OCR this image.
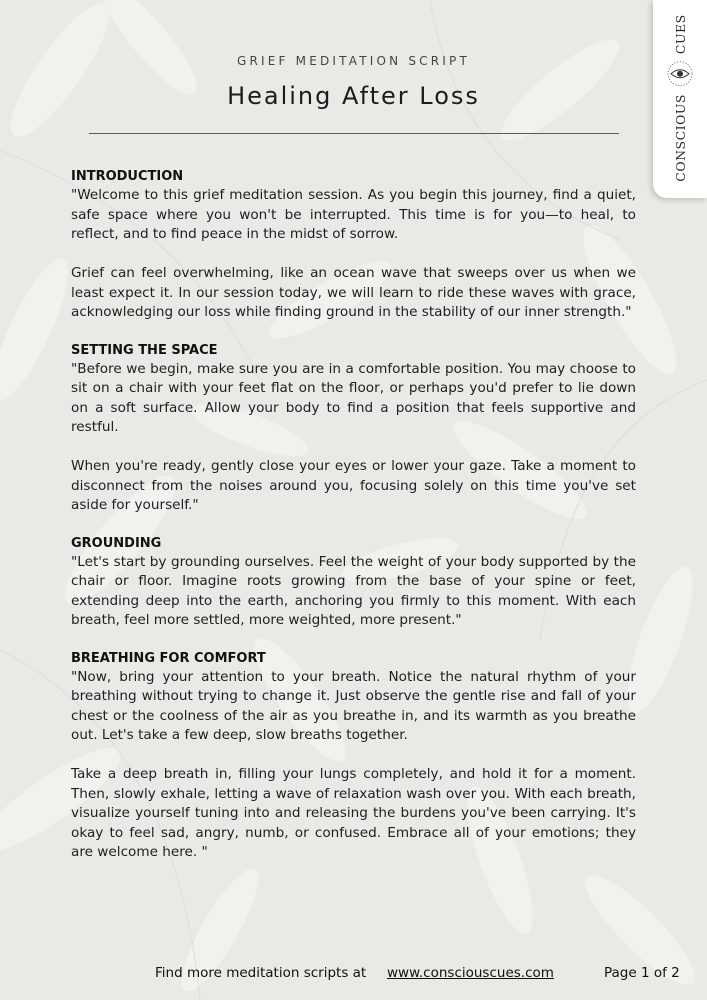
CONSCIOUS
CUES
GRIEF MEDITATION SCRIPT
Healing After Loss

INTRODUCTION

"Welcome to this grief meditation session. As you begin this journey, find a quiet, safe space where you won't be interrupted. This time is for you—to heal, to reflect, and to find peace in the midst of sorrow.

Grief can feel overwhelming, like an ocean wave that sweeps over us when we least expect it. In our session today, we will learn to ride these waves with grace, acknowledging our loss while finding ground in the stability of our inner strength."

SETTING THE SPACE

"Before we begin, make sure you are in a comfortable position. You may choose to sit on a chair with your feet flat on the floor, or perhaps you'd prefer to lie down on a soft surface. Allow your body to find a position that feels supportive and restful.

When you're ready, gently close your eyes or lower your gaze. Take a moment to disconnect from the noises around you, focusing solely on this time you've set aside for yourself."

GROUNDING

"Let's start by grounding ourselves. Feel the weight of your body supported by the chair or floor. Imagine roots growing from the base of your spine or feet, extending deep into the earth, anchoring you firmly to this moment. With each breath, feel more settled, more weighted, more present."

BREATHING FOR COMFORT

"Now, bring your attention to your breath. Notice the natural rhythm of your breathing without trying to change it. Just observe the gentle rise and fall of your chest or the coolness of the air as you breathe in, and its warmth as you breathe out. Let's take a few deep, slow breaths together.

Take a deep breath in, filling your lungs completely, and hold it for a moment. Then, slowly exhale, letting a wave of relaxation wash over you. With each breath, visualize yourself tuning into and releasing the burdens you've been carrying. It's okay to feel sad, angry, numb, or confused. Embrace all of your emotions; they are welcome here. "

Find more meditation scripts at www.consciouscues.com	Page 1 of 2
